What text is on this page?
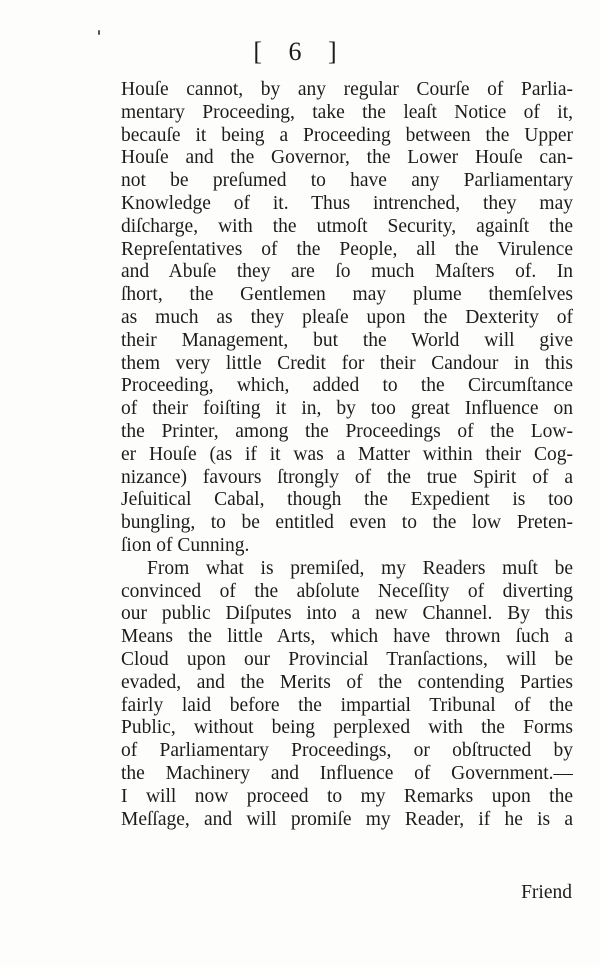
[ 6 ]
Houſe cannot, by any regular Courſe of Parlia-
mentary Proceeding, take the leaſt Notice of it,
becauſe it being a Proceeding between the Upper
Houſe and the Governor, the Lower Houſe can-
not be preſumed to have any Parliamentary
Knowledge of it. Thus intrenched, they may
diſcharge, with the utmoſt Security, againſt the
Repreſentatives of the People, all the Virulence
and Abuſe they are ſo much Maſters of. In
ſhort, the Gentlemen may plume themſelves
as much as they pleaſe upon the Dexterity of
their Management, but the World will give
them very little Credit for their Candour in this
Proceeding, which, added to the Circumſtance
of their foiſting it in, by too great Influence on
the Printer, among the Proceedings of the Low-
er Houſe (as if it was a Matter within their Cog-
nizance) favours ſtrongly of the true Spirit of a
Jeſuitical Cabal, though the Expedient is too
bungling, to be entitled even to the low Preten-
ſion of Cunning.
From what is premiſed, my Readers muſt be
convinced of the abſolute Neceſſity of diverting
our public Diſputes into a new Channel. By this
Means the little Arts, which have thrown ſuch a
Cloud upon our Provincial Tranſactions, will be
evaded, and the Merits of the contending Parties
fairly laid before the impartial Tribunal of the
Public, without being perplexed with the Forms
of Parliamentary Proceedings, or obſtructed by
the Machinery and Influence of Government.—
I will now proceed to my Remarks upon the
Meſſage, and will promiſe my Reader, if he is a
Friend
